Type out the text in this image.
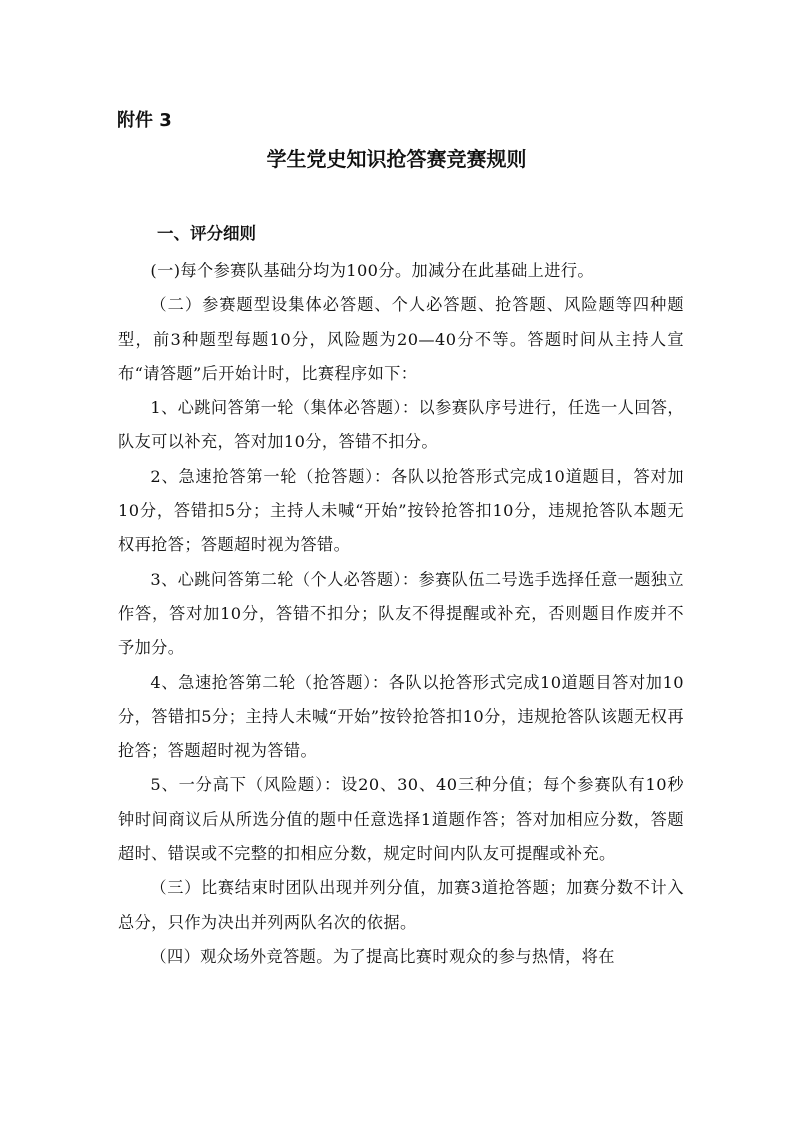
附件 3

学生党史知识抢答赛竞赛规则
一、评分细则

(一)每个参赛队基础分均为100分。加减分在此基础上进行。

（二）参赛题型设集体必答题、个人必答题、抢答题、风险题等四种题型，前3种题型每题10分，风险题为20—40分不等。答题时间从主持人宣布“请答题”后开始计时，比赛程序如下：

1、心跳问答第一轮（集体必答题）：以参赛队序号进行，任选一人回答，队友可以补充，答对加10分，答错不扣分。

2、急速抢答第一轮（抢答题）：各队以抢答形式完成10道题目，答对加10分，答错扣5分；主持人未喊“开始”按铃抢答扣10分，违规抢答队本题无权再抢答；答题超时视为答错。

3、心跳问答第二轮（个人必答题）：参赛队伍二号选手选择任意一题独立作答，答对加10分，答错不扣分；队友不得提醒或补充，否则题目作废并不予加分。

4、急速抢答第二轮（抢答题）：各队以抢答形式完成10道题目答对加10分，答错扣5分；主持人未喊“开始”按铃抢答扣10分，违规抢答队该题无权再抢答；答题超时视为答错。

5、一分高下（风险题）：设20、30、40三种分值；每个参赛队有10秒钟时间商议后从所选分值的题中任意选择1道题作答；答对加相应分数，答题超时、错误或不完整的扣相应分数，规定时间内队友可提醒或补充。

（三）比赛结束时团队出现并列分值，加赛3道抢答题；加赛分数不计入总分，只作为决出并列两队名次的依据。

（四）观众场外竞答题。为了提高比赛时观众的参与热情，将在
